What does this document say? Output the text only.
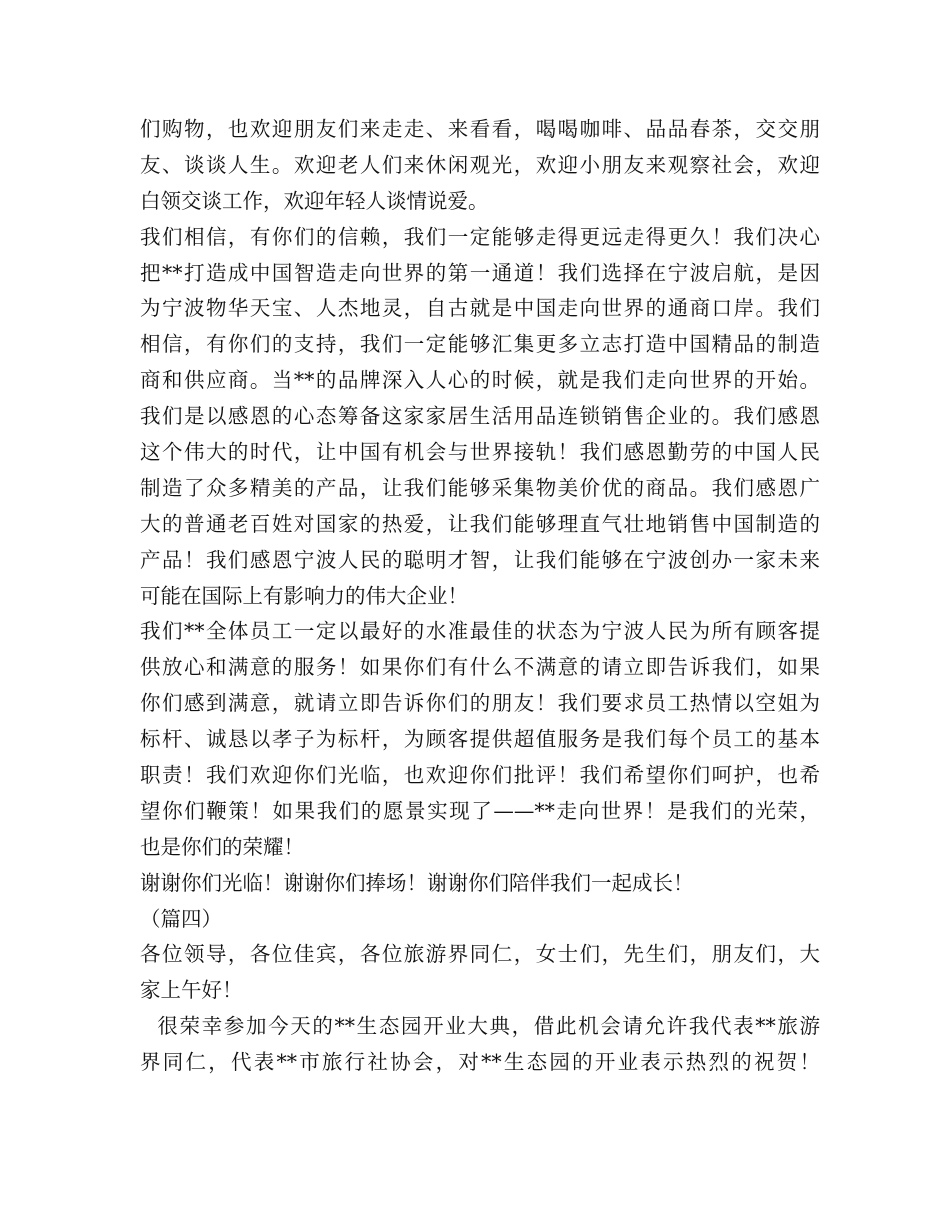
们购物，也欢迎朋友们来走走、来看看，喝喝咖啡、品品春茶，交交朋
友、谈谈人生。欢迎老人们来休闲观光，欢迎小朋友来观察社会，欢迎
白领交谈工作，欢迎年轻人谈情说爱。
我们相信，有你们的信赖，我们一定能够走得更远走得更久！我们决心
把**打造成中国智造走向世界的第一通道！我们选择在宁波启航，是因
为宁波物华天宝、人杰地灵，自古就是中国走向世界的通商口岸。我们
相信，有你们的支持，我们一定能够汇集更多立志打造中国精品的制造
商和供应商。当**的品牌深入人心的时候，就是我们走向世界的开始。
我们是以感恩的心态筹备这家家居生活用品连锁销售企业的。我们感恩
这个伟大的时代，让中国有机会与世界接轨！我们感恩勤劳的中国人民
制造了众多精美的产品，让我们能够采集物美价优的商品。我们感恩广
大的普通老百姓对国家的热爱，让我们能够理直气壮地销售中国制造的
产品！我们感恩宁波人民的聪明才智，让我们能够在宁波创办一家未来
可能在国际上有影响力的伟大企业！
我们**全体员工一定以最好的水准最佳的状态为宁波人民为所有顾客提
供放心和满意的服务！如果你们有什么不满意的请立即告诉我们，如果
你们感到满意，就请立即告诉你们的朋友！我们要求员工热情以空姐为
标杆、诚恳以孝子为标杆，为顾客提供超值服务是我们每个员工的基本
职责！我们欢迎你们光临，也欢迎你们批评！我们希望你们呵护，也希
望你们鞭策！如果我们的愿景实现了——**走向世界！是我们的光荣，
也是你们的荣耀！
谢谢你们光临！谢谢你们捧场！谢谢你们陪伴我们一起成长！
（篇四）
各位领导，各位佳宾，各位旅游界同仁，女士们，先生们，朋友们，大
家上午好！
很荣幸参加今天的**生态园开业大典，借此机会请允许我代表**旅游
界同仁，代表**市旅行社协会，对**生态园的开业表示热烈的祝贺！
